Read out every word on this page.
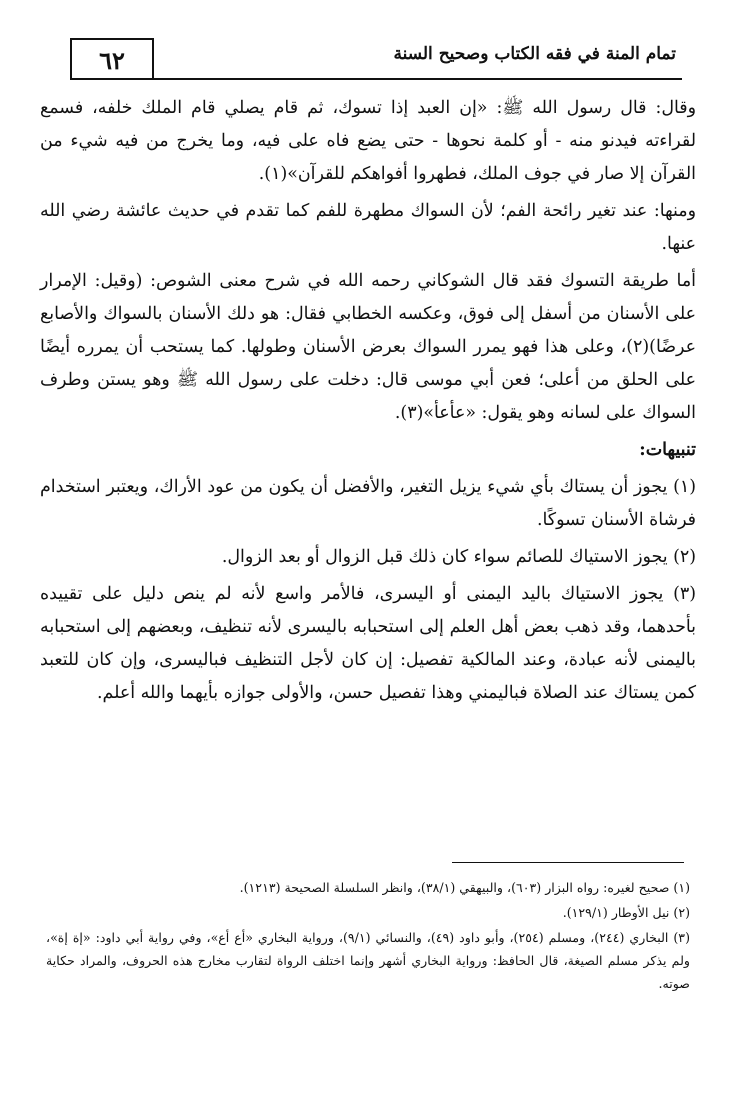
٦٢	تمام المنة في فقه الكتاب وصحيح السنة

وقال: قال رسول الله ﷺ: «إن العبد إذا تسوك، ثم قام يصلي قام الملك خلفه، فسمع لقراءته فيدنو منه - أو كلمة نحوها - حتى يضع فاه على فيه، وما يخرج من فيه شيء من القرآن إلا صار في جوف الملك، فطهروا أفواهكم للقرآن»(١).

ومنها: عند تغير رائحة الفم؛ لأن السواك مطهرة للفم كما تقدم في حديث عائشة رضي الله عنها.

أما طريقة التسوك فقد قال الشوكاني رحمه الله في شرح معنى الشوص: (وقيل: الإمرار على الأسنان من أسفل إلى فوق، وعكسه الخطابي فقال: هو دلك الأسنان بالسواك والأصابع عرضًا)(٢)، وعلى هذا فهو يمرر السواك بعرض الأسنان وطولها. كما يستحب أن يمرره أيضًا على الحلق من أعلى؛ فعن أبي موسى قال: دخلت على رسول الله ﷺ وهو يستن وطرف السواك على لسانه وهو يقول: «عأعأ»(٣).

تنبيهات:

(١) يجوز أن يستاك بأي شيء يزيل التغير، والأفضل أن يكون من عود الأراك، ويعتبر استخدام فرشاة الأسنان تسوكًا.

(٢) يجوز الاستياك للصائم سواء كان ذلك قبل الزوال أو بعد الزوال.

(٣) يجوز الاستياك باليد اليمنى أو اليسرى، فالأمر واسع لأنه لم ينص دليل على تقييده بأحدهما، وقد ذهب بعض أهل العلم إلى استحبابه باليسرى لأنه تنظيف، وبعضهم إلى استحبابه باليمنى لأنه عبادة، وعند المالكية تفصيل: إن كان لأجل التنظيف فباليسرى، وإن كان للتعبد كمن يستاك عند الصلاة فباليمني وهذا تفصيل حسن، والأولى جوازه بأيهما والله أعلم.

(١) صحيح لغيره: رواه البزار (٦٠٣)، والبيهقي (٣٨/١)، وانظر السلسلة الصحيحة (١٢١٣).

(٢) نيل الأوطار (١٢٩/١).

(٣) البخاري (٢٤٤)، ومسلم (٢٥٤)، وأبو داود (٤٩)، والنسائي (٩/١)، ورواية البخاري «أع أع»، وفي رواية أبي داود: «إة إة»، ولم يذكر مسلم الصيغة، قال الحافظ: ورواية البخاري أشهر وإنما اختلف الرواة لتقارب مخارج هذه الحروف، والمراد حكاية صوته.
